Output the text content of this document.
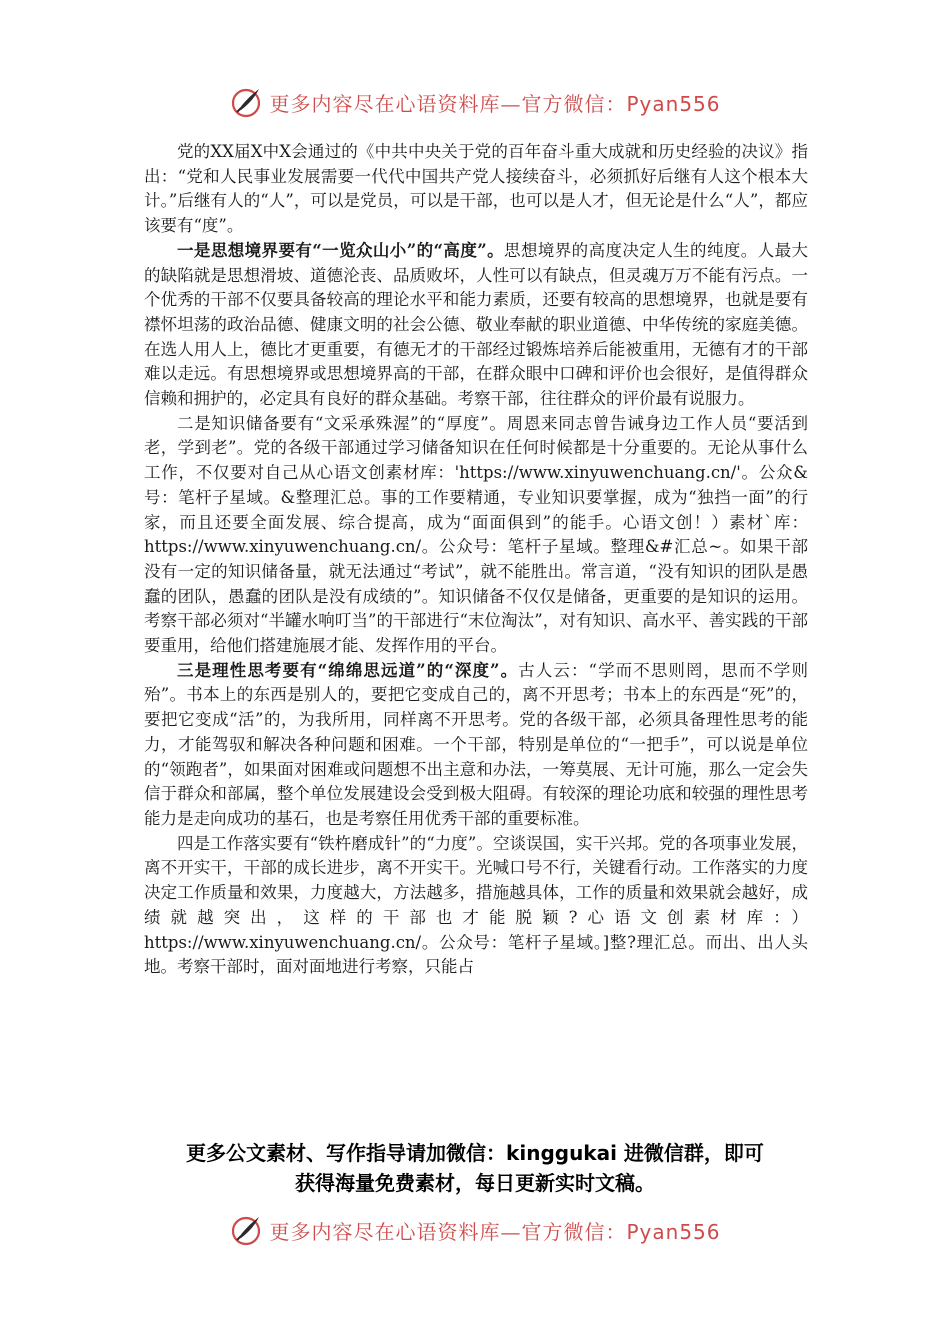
更多内容尽在心语资料库—官方微信：Pyan556

党的XX届X中X会通过的《中共中央关于党的百年奋斗重大成就和历史经验的决议》指出：“党和人民事业发展需要一代代中国共产党人接续奋斗，必须抓好后继有人这个根本大计。”后继有人的“人”，可以是党员，可以是干部，也可以是人才，但无论是什么“人”，都应该要有“度”。

一是思想境界要有“一览众山小”的“高度”。思想境界的高度决定人生的纯度。人最大的缺陷就是思想滑坡、道德沦丧、品质败坏，人性可以有缺点，但灵魂万万不能有污点。一个优秀的干部不仅要具备较高的理论水平和能力素质，还要有较高的思想境界，也就是要有襟怀坦荡的政治品德、健康文明的社会公德、敬业奉献的职业道德、中华传统的家庭美德。在选人用人上，德比才更重要，有德无才的干部经过锻炼培养后能被重用，无德有才的干部难以走远。有思想境界或思想境界高的干部，在群众眼中口碑和评价也会很好，是值得群众信赖和拥护的，必定具有良好的群众基础。考察干部，往往群众的评价最有说服力。

二是知识储备要有“文采承殊渥”的“厚度”。周恩来同志曾告诫身边工作人员“要活到老，学到老”。党的各级干部通过学习储备知识在任何时候都是十分重要的。无论从事什么工作，不仅要对自己从心语文创素材库：'https://www.xinyuwenchuang.cn/'。公众&号：笔杆子星域。&整理汇总。事的工作要精通，专业知识要掌握，成为“独挡一面”的行家，而且还要全面发展、综合提高，成为“面面俱到”的能手。心语文创！）素材`库：https://www.xinyuwenchuang.cn/。公众号：笔杆子星域。整理&#汇总~。如果干部没有一定的知识储备量，就无法通过“考试”，就不能胜出。常言道，“没有知识的团队是愚蠢的团队，愚蠢的团队是没有成绩的”。知识储备不仅仅是储备，更重要的是知识的运用。考察干部必须对“半罐水响叮当”的干部进行“末位淘汰”，对有知识、高水平、善实践的干部要重用，给他们搭建施展才能、发挥作用的平台。

三是理性思考要有“绵绵思远道”的“深度”。古人云：“学而不思则罔，思而不学则殆”。书本上的东西是别人的，要把它变成自己的，离不开思考；书本上的东西是“死”的，要把它变成“活”的，为我所用，同样离不开思考。党的各级干部，必须具备理性思考的能力，才能驾驭和解决各种问题和困难。一个干部，特别是单位的“一把手”，可以说是单位的“领跑者”，如果面对困难或问题想不出主意和办法，一筹莫展、无计可施，那么一定会失信于群众和部属，整个单位发展建设会受到极大阻碍。有较深的理论功底和较强的理性思考能力是走向成功的基石，也是考察任用优秀干部的重要标准。

四是工作落实要有“铁杵磨成针”的“力度”。空谈误国，实干兴邦。党的各项事业发展，离不开实干，干部的成长进步，离不开实干。光喊口号不行，关键看行动。工作落实的力度决定工作质量和效果，力度越大，方法越多，措施越具体，工作的质量和效果就会越好，成绩就越突出，这样的干部也才能脱颖?心语文创素材库：）https://www.xinyuwenchuang.cn/。公众号：笔杆子星域。]整?理汇总。而出、出人头地。考察干部时，面对面地进行考察，只能占

更多公文素材、写作指导请加微信：kinggukai 进微信群，即可
获得海量免费素材，每日更新实时文稿。
更多内容尽在心语资料库—官方微信：Pyan556
